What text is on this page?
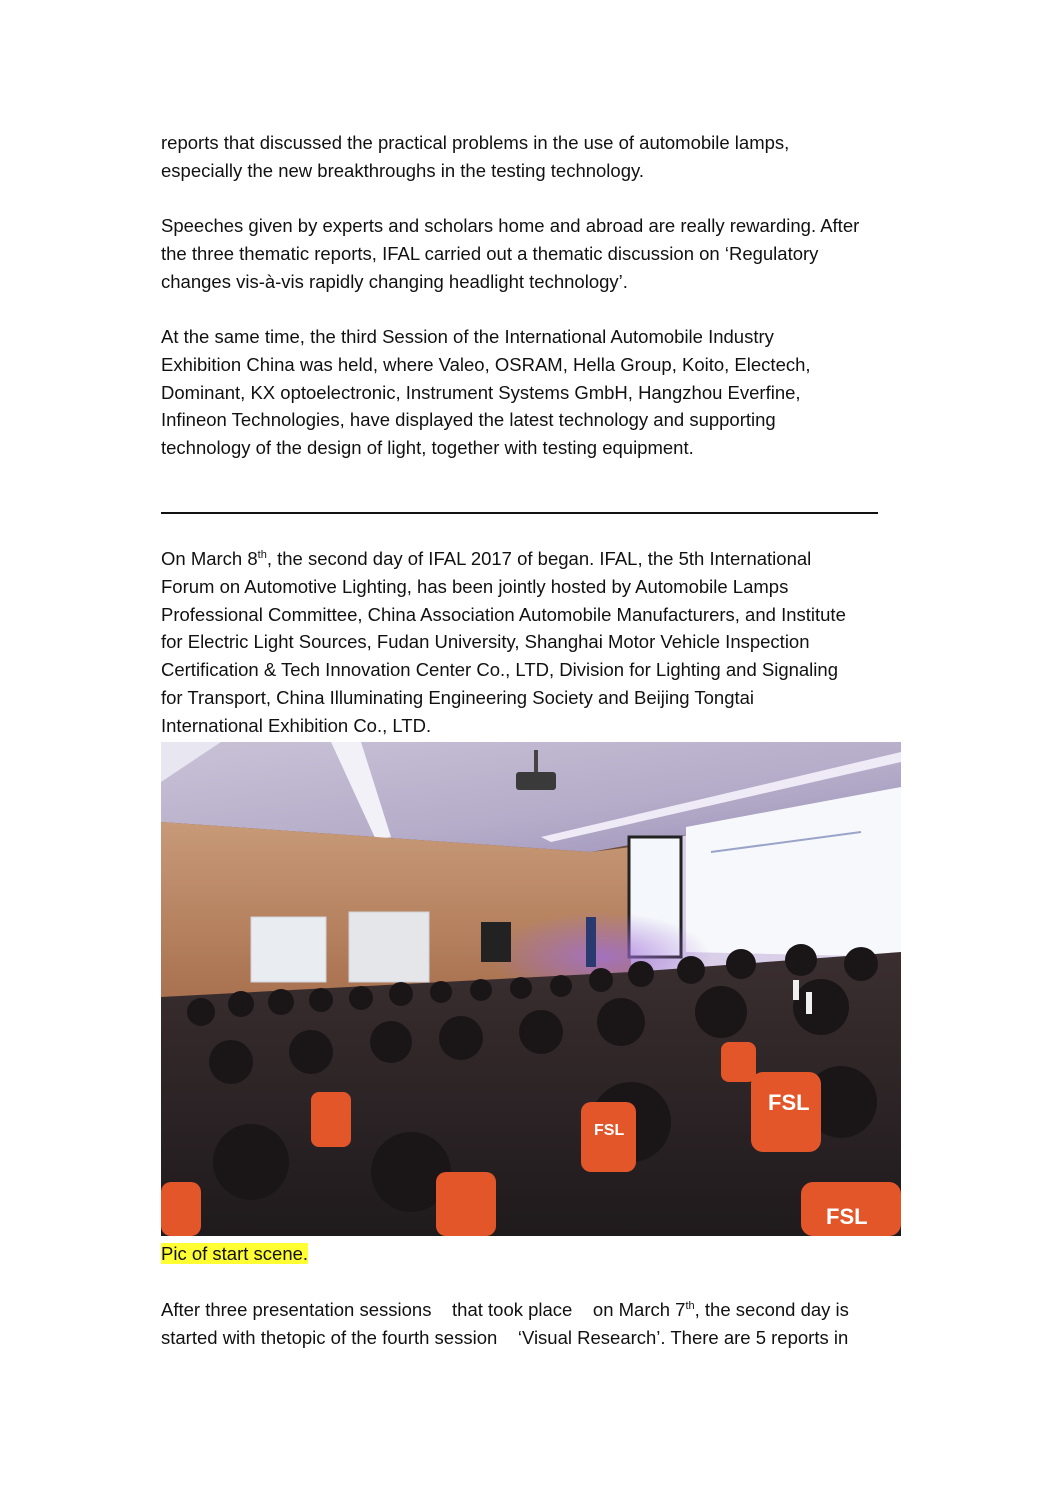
reports that discussed the practical problems in the use of automobile lamps,
especially the new breakthroughs in the testing technology.

Speeches given by experts and scholars home and abroad are really rewarding. After
the three thematic reports, IFAL carried out a thematic discussion on ‘Regulatory
changes vis-à-vis rapidly changing headlight technology’.

At the same time, the third Session of the International Automobile Industry
Exhibition China was held, where Valeo, OSRAM, Hella Group, Koito, Electech,
Dominant, KX optoelectronic, Instrument Systems GmbH, Hangzhou Everfine,
Infineon Technologies, have displayed the latest technology and supporting
technology of the design of light, together with testing equipment.

On March 8th, the second day of IFAL 2017 of began. IFAL, the 5th International
Forum on Automotive Lighting, has been jointly hosted by Automobile Lamps
Professional Committee, China Association Automobile Manufacturers, and Institute
for Electric Light Sources, Fudan University, Shanghai Motor Vehicle Inspection
Certification & Tech Innovation Center Co., LTD, Division for Lighting and Signaling
for Transport, China Illuminating Engineering Society and Beijing Tongtai
International Exhibition Co., LTD.

FSL
FSL
FSL
Pic of start scene.

After three presentation sessions    that took place    on March 7th, the second day is
started with thetopic of the fourth session    ‘Visual Research’. There are 5 reports in
